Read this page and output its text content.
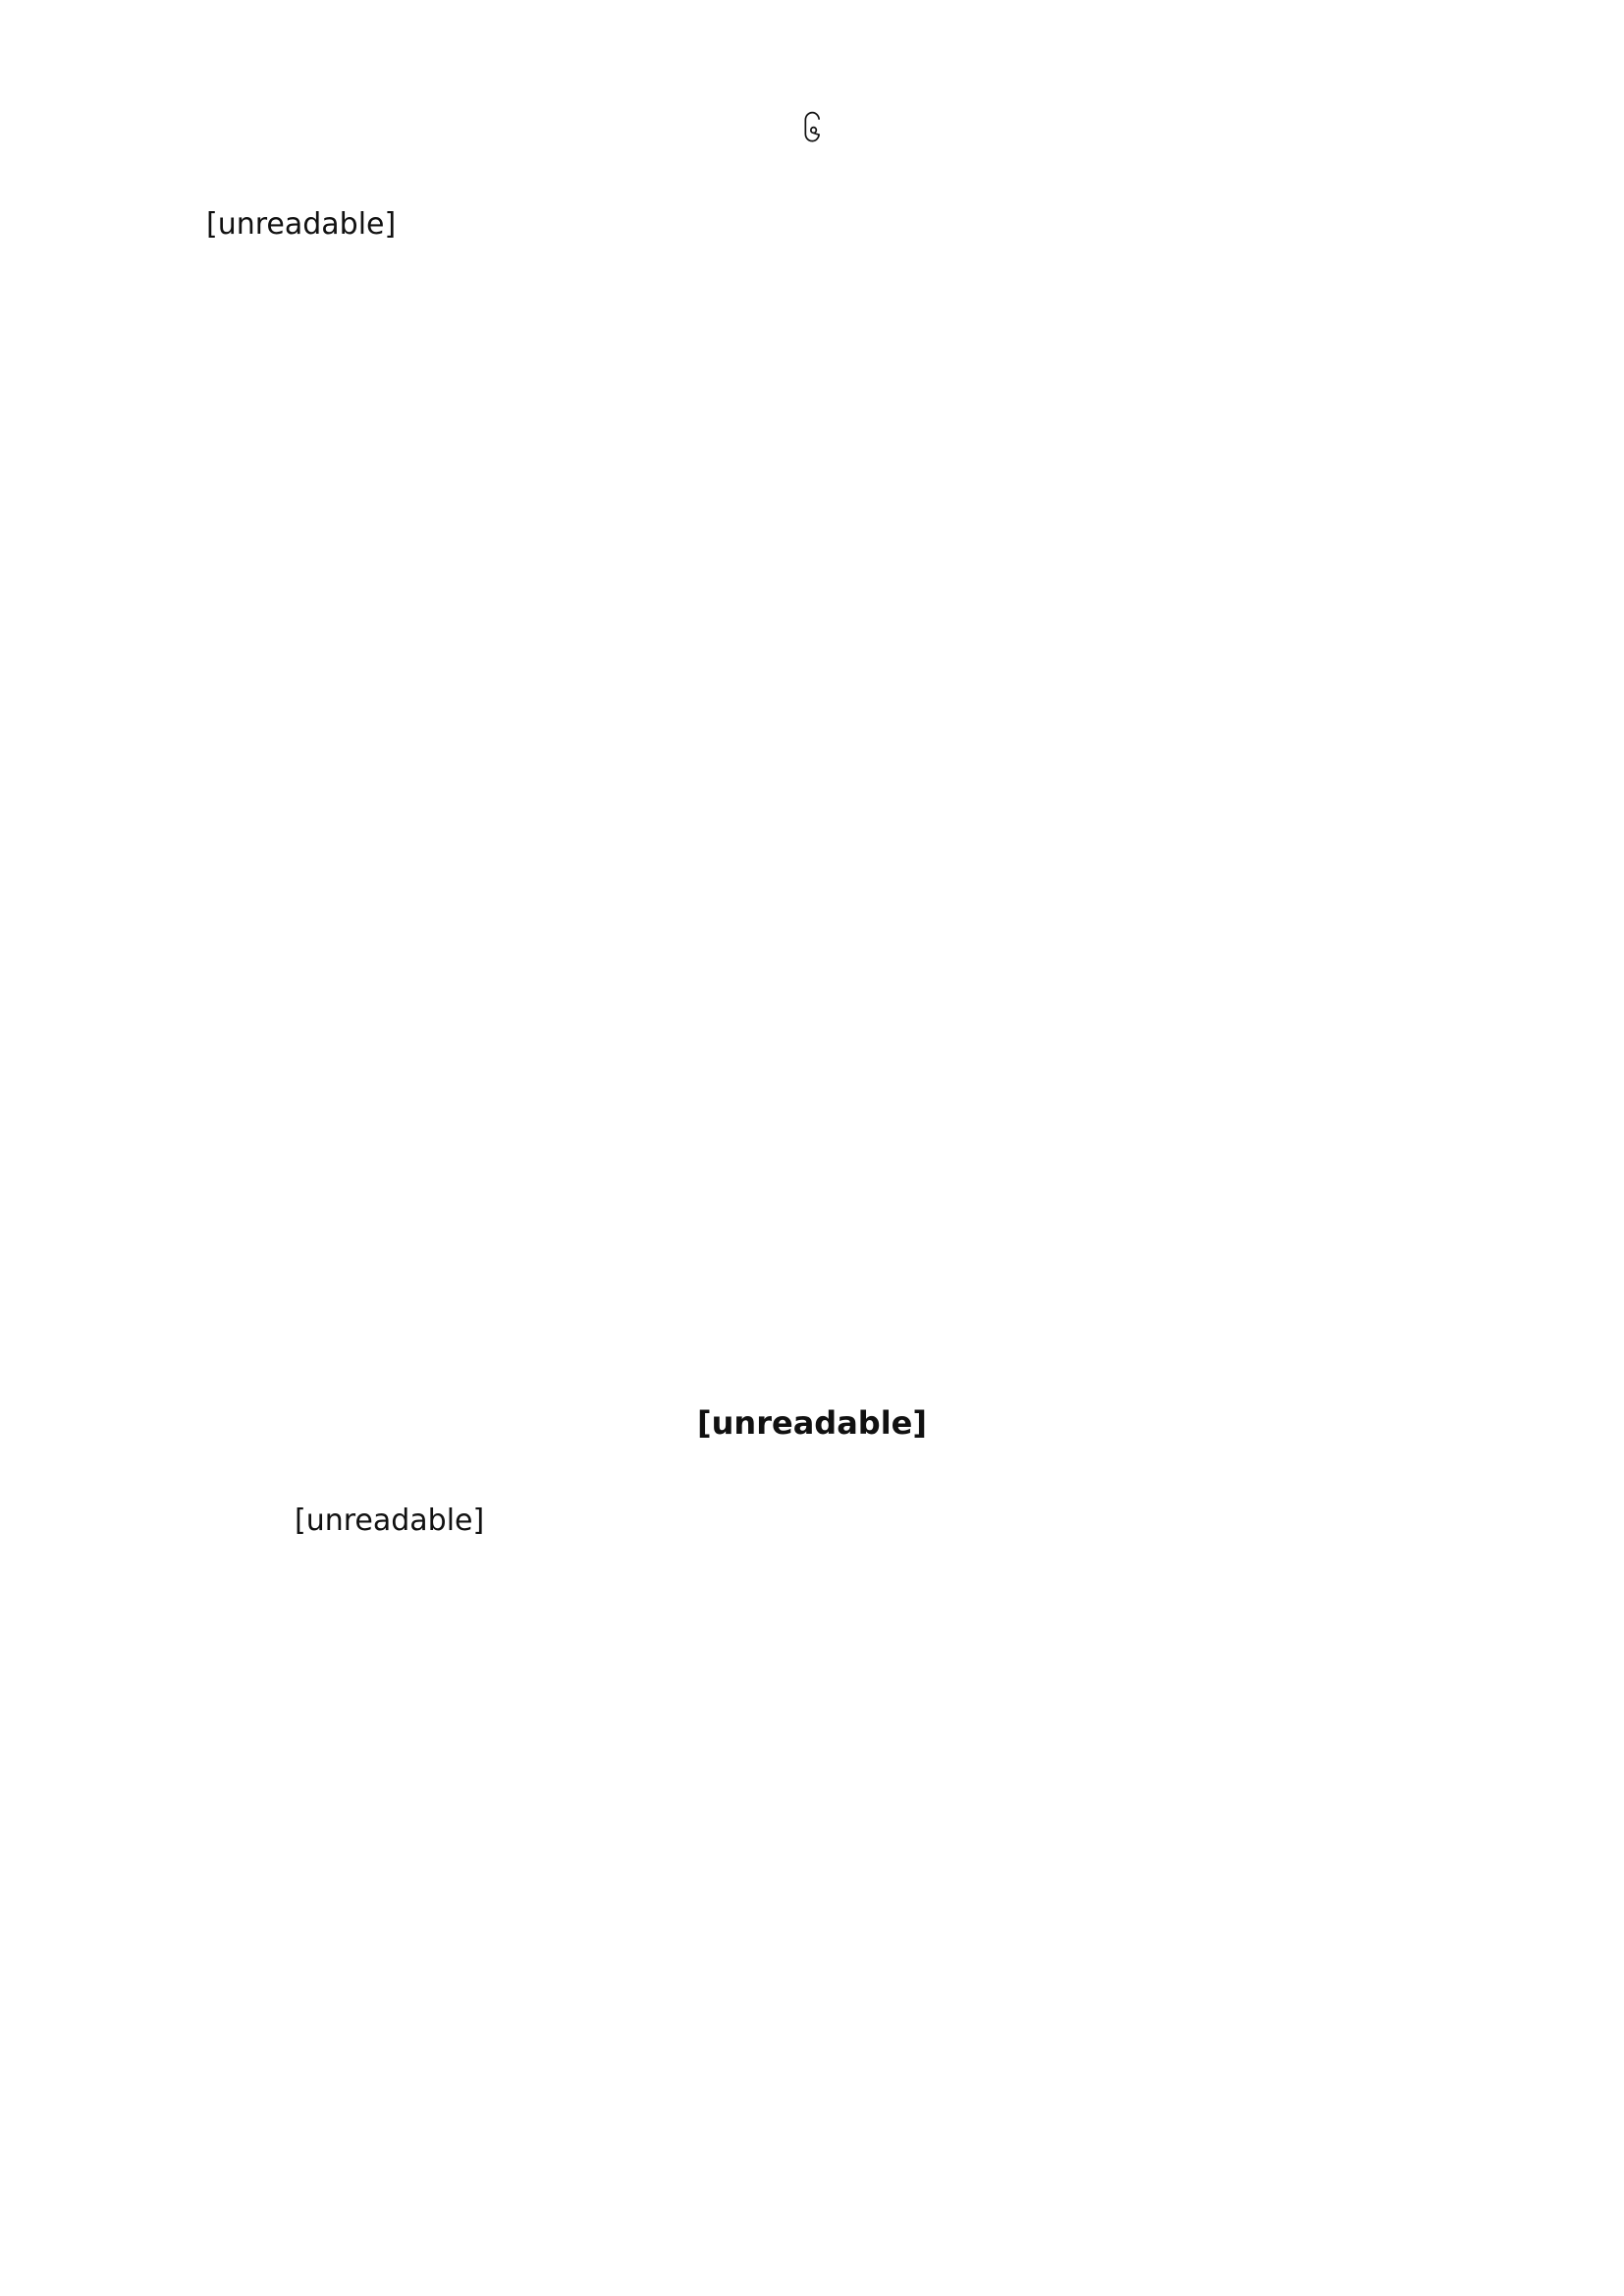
၆

[unreadable]

[unreadable]

[unreadable]
